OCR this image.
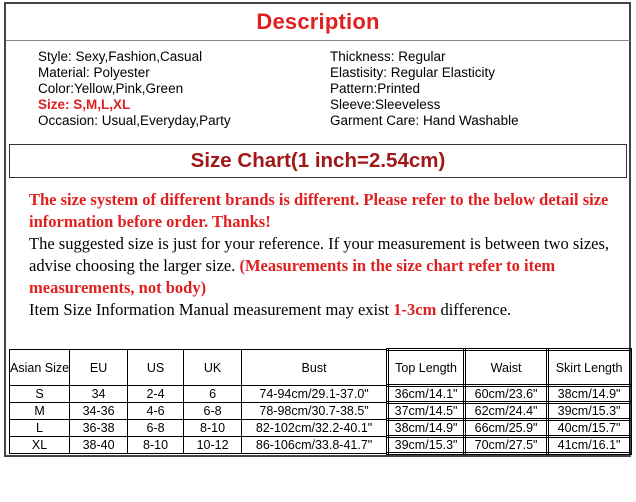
Description
Style: Sexy,Fashion,Casual
Material: Polyester
Color:Yellow,Pink,Green
Size: S,M,L,XL
Occasion: Usual,Everyday,Party
Thickness: Regular
Elastisity: Regular Elasticity
Pattern:Printed
Sleeve:Sleeveless
Garment Care: Hand Washable
Size Chart(1 inch=2.54cm)
The size system of different brands is different. Please refer to the below detail size information before order. Thanks!
The suggested size is just for your reference. If your measurement is between two sizes, advise choosing the larger size. (Measurements in the size chart refer to item measurements, not body)
Item Size Information Manual measurement may exist 1-3cm difference.
Asian Size	EU	US	UK	Bust	Top Length	Waist	Skirt Length
S	34	2-4	6	74-94cm/29.1-37.0"	36cm/14.1"	60cm/23.6"	38cm/14.9"
M	34-36	4-6	6-8	78-98cm/30.7-38.5"	37cm/14.5"	62cm/24.4"	39cm/15.3"
L	36-38	6-8	8-10	82-102cm/32.2-40.1"	38cm/14.9"	66cm/25.9"	40cm/15.7"
XL	38-40	8-10	10-12	86-106cm/33.8-41.7"	39cm/15.3"	70cm/27.5"	41cm/16.1"
